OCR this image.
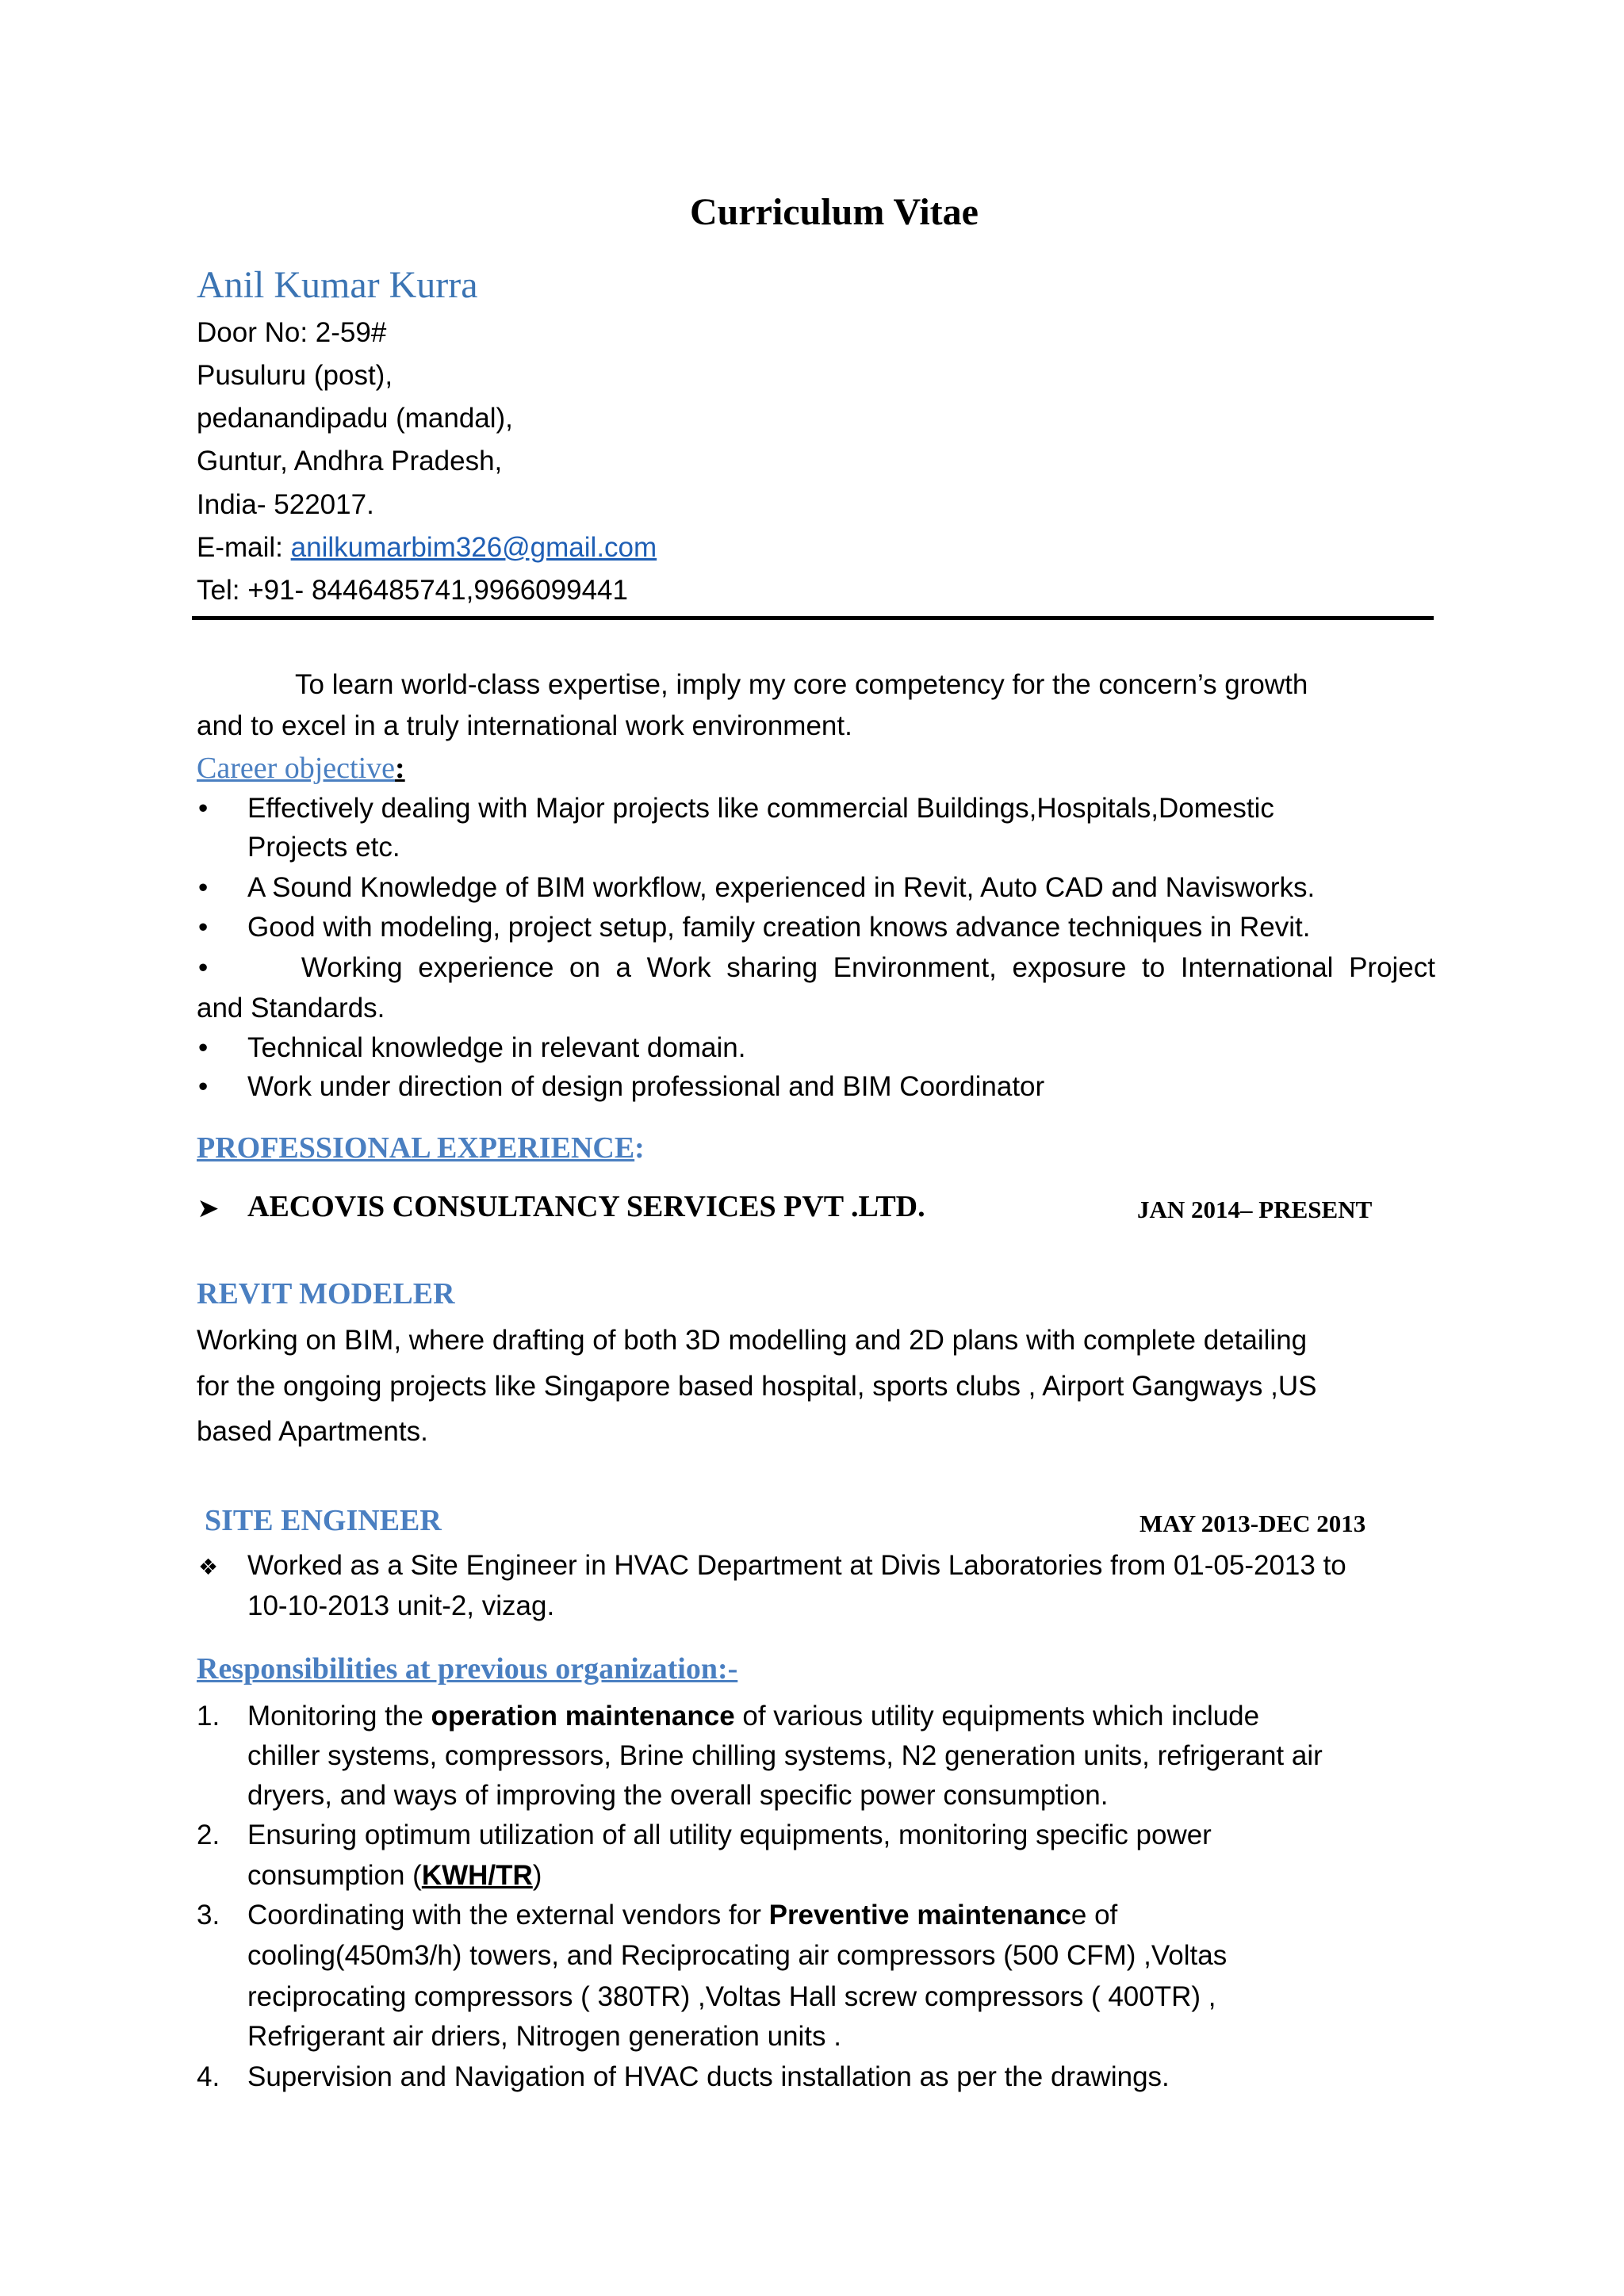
Curriculum Vitae
Anil Kumar Kurra
Door No: 2-59#
Pusuluru (post),
pedanandipadu (mandal),
Guntur, Andhra Pradesh,
India- 522017.
E-mail: anilkumarbim326@gmail.com
Tel: +91- 8446485741,9966099441
To learn world-class expertise, imply my core competency for the concern’s growth
and to excel in a truly international work environment.
Career objective:
• Effectively dealing with Major projects like commercial Buildings,Hospitals,Domestic
Projects etc.
• A Sound Knowledge of BIM workflow, experienced in Revit, Auto CAD and Navisworks.
• Good with modeling, project setup, family creation knows advance techniques in Revit.
•      Working experience on a Work sharing Environment, exposure to International Project
and Standards.
• Technical knowledge in relevant domain.
• Work under direction of design professional and BIM Coordinator
PROFESSIONAL EXPERIENCE:
➤ AECOVIS CONSULTANCY SERVICES PVT .LTD.	JAN 2014– PRESENT
REVIT MODELER
Working on BIM, where drafting of both 3D modelling and 2D plans with complete detailing
for the ongoing projects like Singapore based hospital, sports clubs , Airport Gangways ,US
based Apartments.
SITE ENGINEER	MAY 2013-DEC 2013
❖ Worked as a Site Engineer in HVAC Department at Divis Laboratories from 01-05-2013 to
10-10-2013 unit-2, vizag.
Responsibilities at previous organization:-
1. Monitoring the operation maintenance of various utility equipments which include
chiller systems, compressors, Brine chilling systems, N2 generation units, refrigerant air
dryers, and ways of improving the overall specific power consumption.
2. Ensuring optimum utilization of all utility equipments, monitoring specific power
consumption (KWH/TR)
3. Coordinating with the external vendors for Preventive maintenance of
cooling(450m3/h) towers, and Reciprocating air compressors (500 CFM) ,Voltas
reciprocating compressors ( 380TR) ,Voltas Hall screw compressors ( 400TR) ,
Refrigerant air driers, Nitrogen generation units .
4. Supervision and Navigation of HVAC ducts installation as per the drawings.
